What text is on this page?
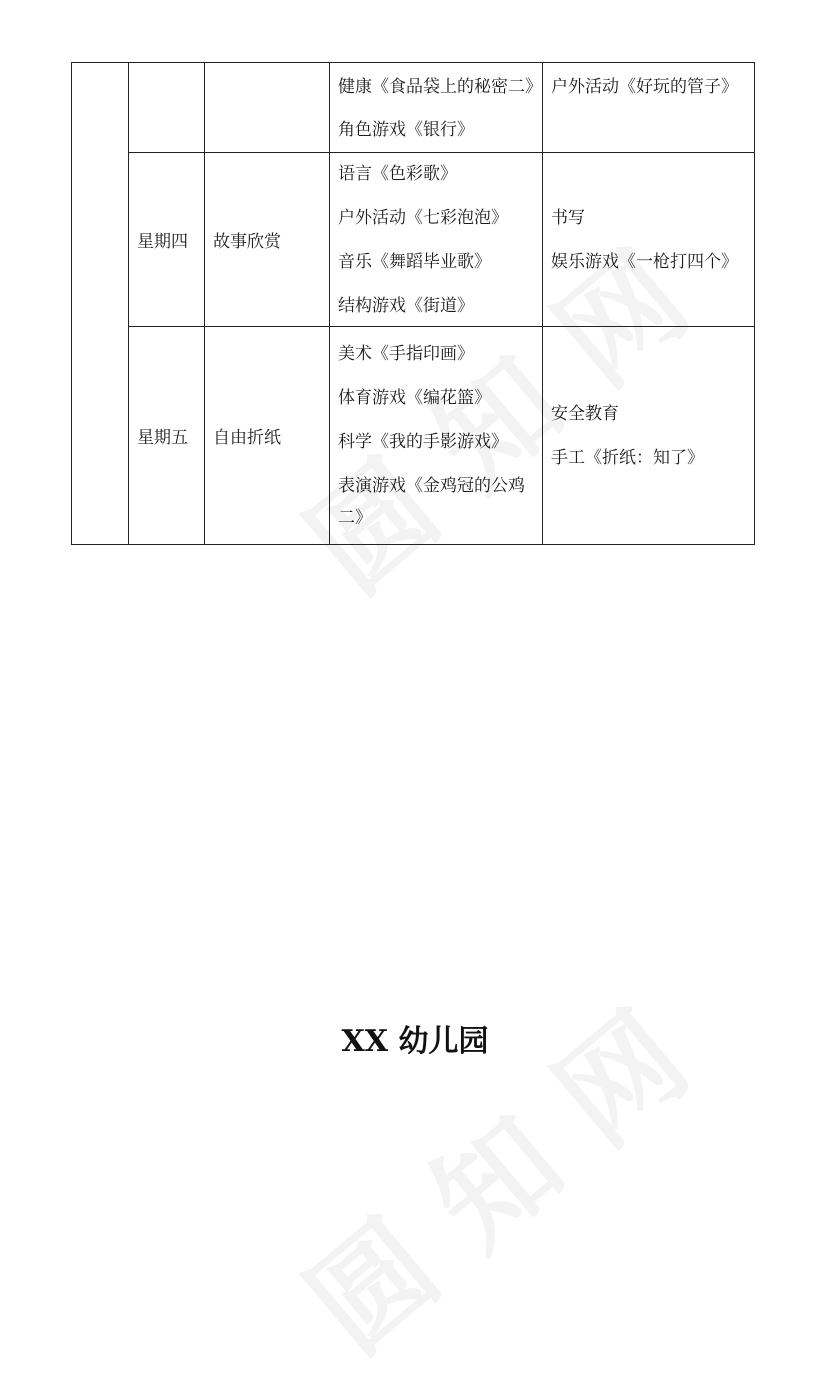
			健康《食品袋上的秘密二》
角色游戏《银行》	户外活动《好玩的管子》

	星期四	故事欣赏	语言《色彩歌》
户外活动《七彩泡泡》
音乐《舞蹈毕业歌》
结构游戏《街道》	书写
娱乐游戏《一枪打四个》

	星期五	自由折纸	美术《手指印画》
体育游戏《编花篮》
科学《我的手影游戏》
表演游戏《金鸡冠的公鸡
二》	安全教育
手工《折纸：知了》
XX 幼儿园
